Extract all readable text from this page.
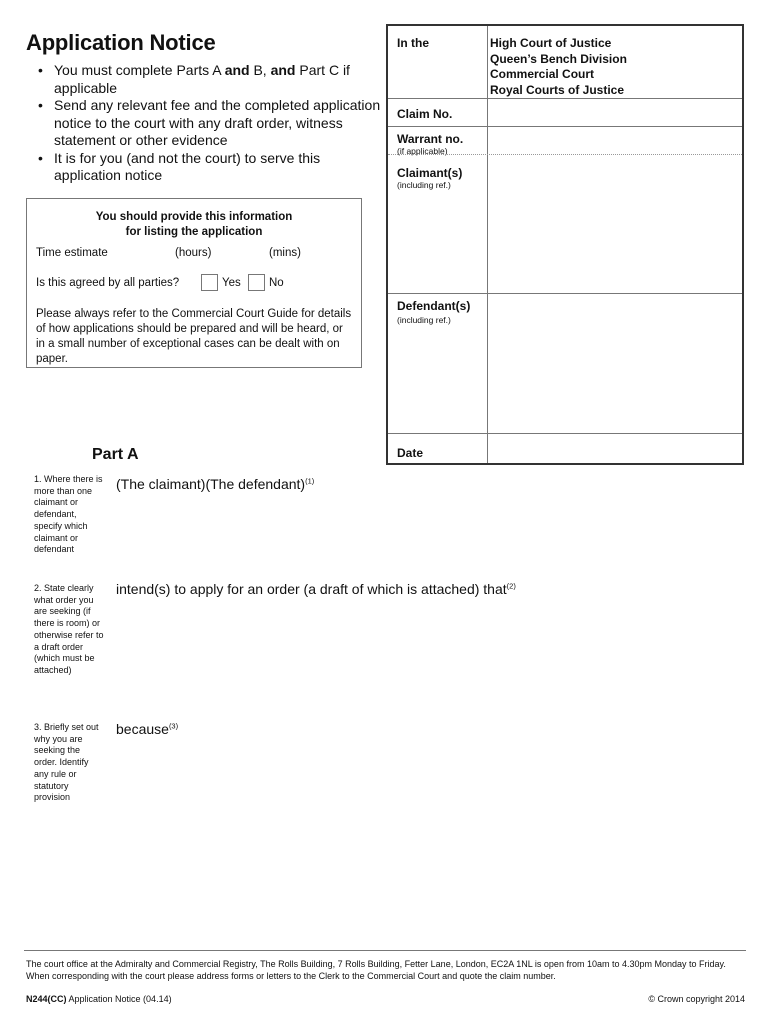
Application Notice
• You must complete Parts A and B, and Part C if applicable
• Send any relevant fee and the completed application notice to the court with any draft order, witness statement or other evidence
• It is for you (and not the court) to serve this application notice
You should provide this information
for listing the application
Time estimate	(hours)	(mins)
Is this agreed by all parties?	Yes No
Please always refer to the Commercial Court Guide for details of how applications should be prepared and will be heard, or in a small number of exceptional cases can be dealt with on paper.
In the	High Court of Justice
Queen’s Bench Division
Commercial Court
Royal Courts of Justice
Claim No.
Warrant no.
(if applicable)
Claimant(s)
(including ref.)
Defendant(s)
(including ref.)
Date
Part A
1. Where there is more than one claimant or defendant, specify which claimant or defendant
(The claimant)(The defendant)$^{(1)}$
2. State clearly what order you are seeking (if there is room) or otherwise refer to a draft order (which must be attached)
intend(s) to apply for an order (a draft of which is attached) that$^{(2)}$
3. Briefly set out why you are seeking the order. Identify any rule or statutory provision
because$^{(3)}$
The court office at the Admiralty and Commercial Registry, The Rolls Building, 7 Rolls Building, Fetter Lane, London, EC2A 1NL is open from 10am to 4.30pm Monday to Friday. When corresponding with the court please address forms or letters to the Clerk to the Commercial Court and quote the claim number.
N244(CC) Application Notice (04.14)	© Crown copyright 2014
